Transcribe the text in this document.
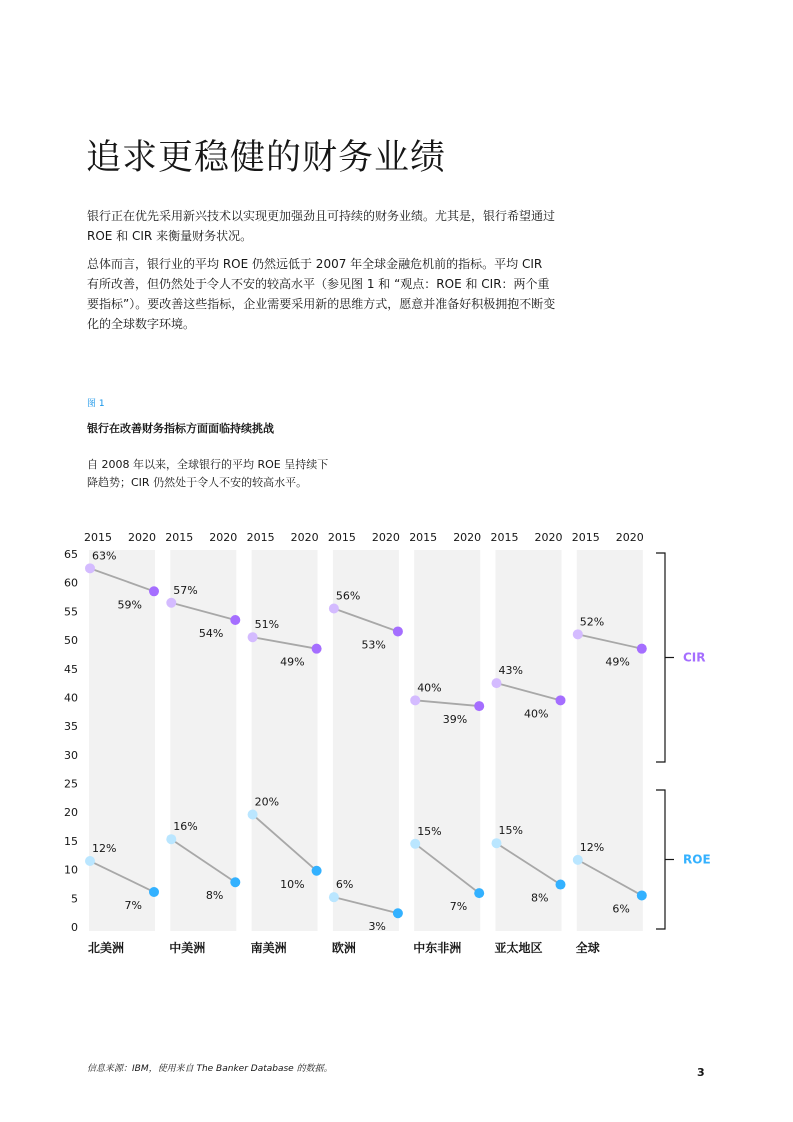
追求更稳健的财务业绩

银行正在优先采用新兴技术以实现更加强劲且可持续的财务业绩。尤其是，银行希望通过 ROE 和 CIR 来衡量财务状况。

总体而言，银行业的平均 ROE 仍然远低于 2007 年全球金融危机前的指标。平均 CIR 有所改善，但仍然处于令人不安的较高水平（参见图 1 和 “观点：ROE 和 CIR：两个重要指标”）。要改善这些指标，企业需要采用新的思维方式，愿意并准备好积极拥抱不断变化的全球数字环境。

图 1

银行在改善财务指标方面面临持续挑战

自 2008 年以来，全球银行的平均 ROE 呈持续下降趋势；CIR 仍然处于令人不安的较高水平。

2015 2020 2015 2020 2015 2020 2015 2020 2015 2020 2015 2020 2015 2020
0
5
10
15
20
25
30
35
40
45
50
55
60
65
北美洲	中美洲	南美洲	欧洲	中东非洲	亚太地区	全球
63%
59%
57%
54%
51%
49%
56%
53%
40%
39%
43%
40%
52%
49%
12%
7%
16%
8%
20%
10%	6%
3%
15%
7%
15%
8%
12%
6%
CIR
ROE

信息来源：IBM，使用来自 The Banker Database 的数据。	3
